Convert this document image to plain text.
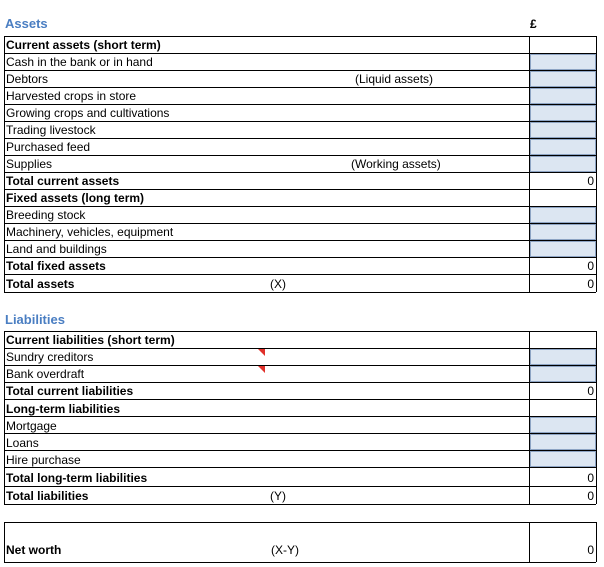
Assets	£
Current assets (short term)
Cash in the bank or in hand
Debtors	(Liquid assets)
Harvested crops in store
Growing crops and cultivations
Trading livestock
Purchased feed
Supplies	(Working assets)
Total current assets	0
Fixed assets (long term)
Breeding stock
Machinery, vehicles, equipment
Land and buildings
Total fixed assets	0
Total assets	(X)	0
Liabilities
Current liabilities (short term)
Sundry creditors
Bank overdraft
Total current liabilities	0
Long-term liabilities
Mortgage
Loans
Hire purchase
Total long-term liabilities	0
Total liabilities	(Y)	0
Net worth	(X-Y)	0
